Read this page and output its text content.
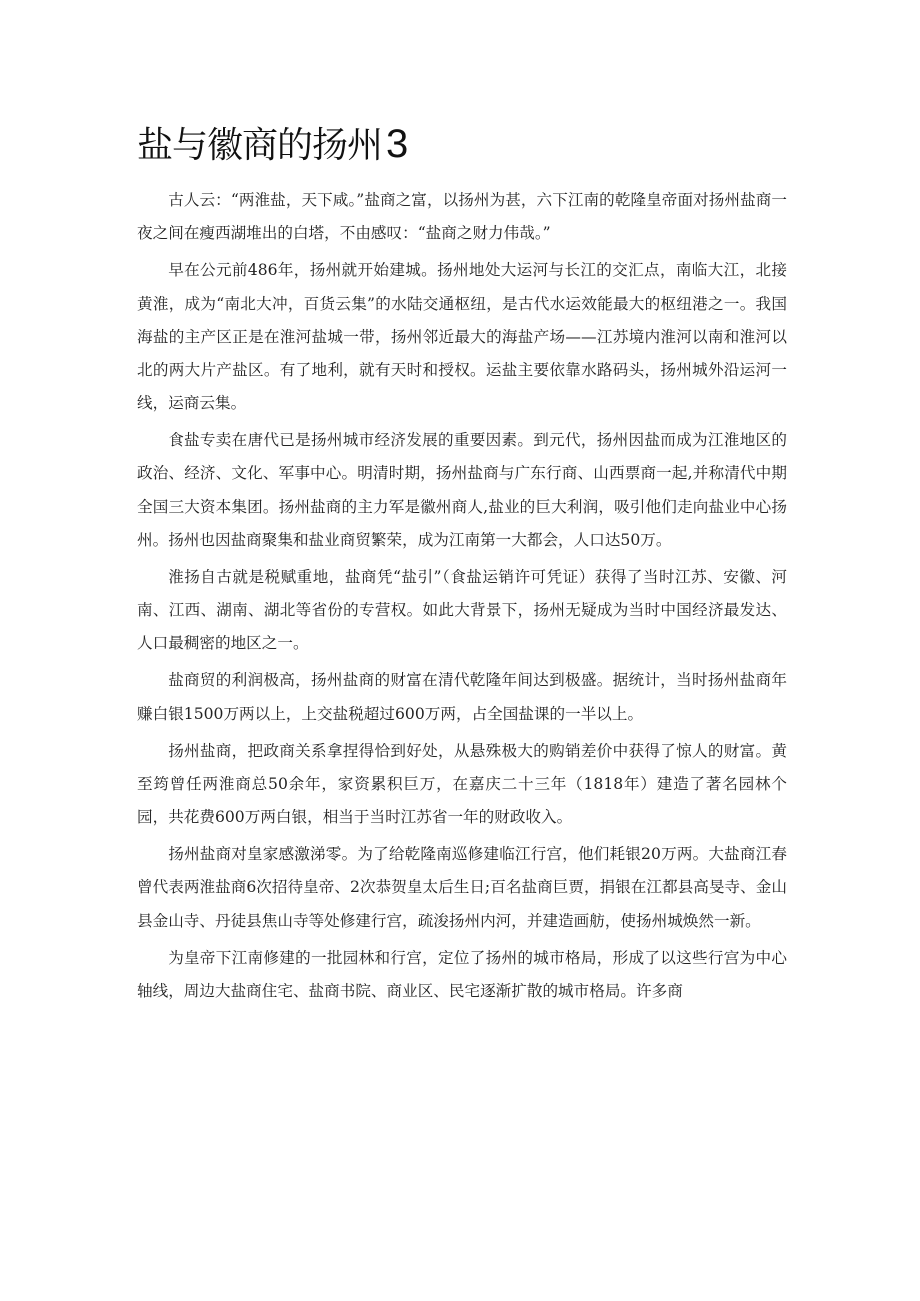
盐与徽商的扬州 3

古人云：“两淮盐，天下咸。”盐商之富，以扬州为甚，六下江南的乾隆皇帝面对扬州盐商一夜之间在瘦西湖堆出的白塔，不由感叹：“盐商之财力伟哉。”

早在公元前486年，扬州就开始建城。扬州地处大运河与长江的交汇点，南临大江，北接黄淮，成为“南北大冲，百货云集”的水陆交通枢纽，是古代水运效能最大的枢纽港之一。我国海盐的主产区正是在淮河盐城一带，扬州邻近最大的海盐产场——江苏境内淮河以南和淮河以北的两大片产盐区。有了地利，就有天时和授权。运盐主要依靠水路码头，扬州城外沿运河一线，运商云集。

食盐专卖在唐代已是扬州城市经济发展的重要因素。到元代，扬州因盐而成为江淮地区的政治、经济、文化、军事中心。明清时期，扬州盐商与广东行商、山西票商一起,并称清代中期全国三大资本集团。扬州盐商的主力军是徽州商人,盐业的巨大利润，吸引他们走向盐业中心扬州。扬州也因盐商聚集和盐业商贸繁荣，成为江南第一大都会，人口达50万。

淮扬自古就是税赋重地，盐商凭“盐引”（食盐运销许可凭证）获得了当时江苏、安徽、河南、江西、湖南、湖北等省份的专营权。如此大背景下，扬州无疑成为当时中国经济最发达、人口最稠密的地区之一。

盐商贸的利润极高，扬州盐商的财富在清代乾隆年间达到极盛。据统计，当时扬州盐商年赚白银1500万两以上，上交盐税超过600万两，占全国盐课的一半以上。

扬州盐商，把政商关系拿捏得恰到好处，从悬殊极大的购销差价中获得了惊人的财富。黄至筠曾任两淮商总50余年，家资累积巨万，在嘉庆二十三年（1818年）建造了著名园林个园，共花费600万两白银，相当于当时江苏省一年的财政收入。

扬州盐商对皇家感激涕零。为了给乾隆南巡修建临江行宫，他们耗银20万两。大盐商江春曾代表两淮盐商6次招待皇帝、2次恭贺皇太后生日;百名盐商巨贾，捐银在江都县高旻寺、金山县金山寺、丹徒县焦山寺等处修建行宫，疏浚扬州内河，并建造画舫，使扬州城焕然一新。

为皇帝下江南修建的一批园林和行宫，定位了扬州的城市格局，形成了以这些行宫为中心轴线，周边大盐商住宅、盐商书院、商业区、民宅逐渐扩散的城市格局。许多商
